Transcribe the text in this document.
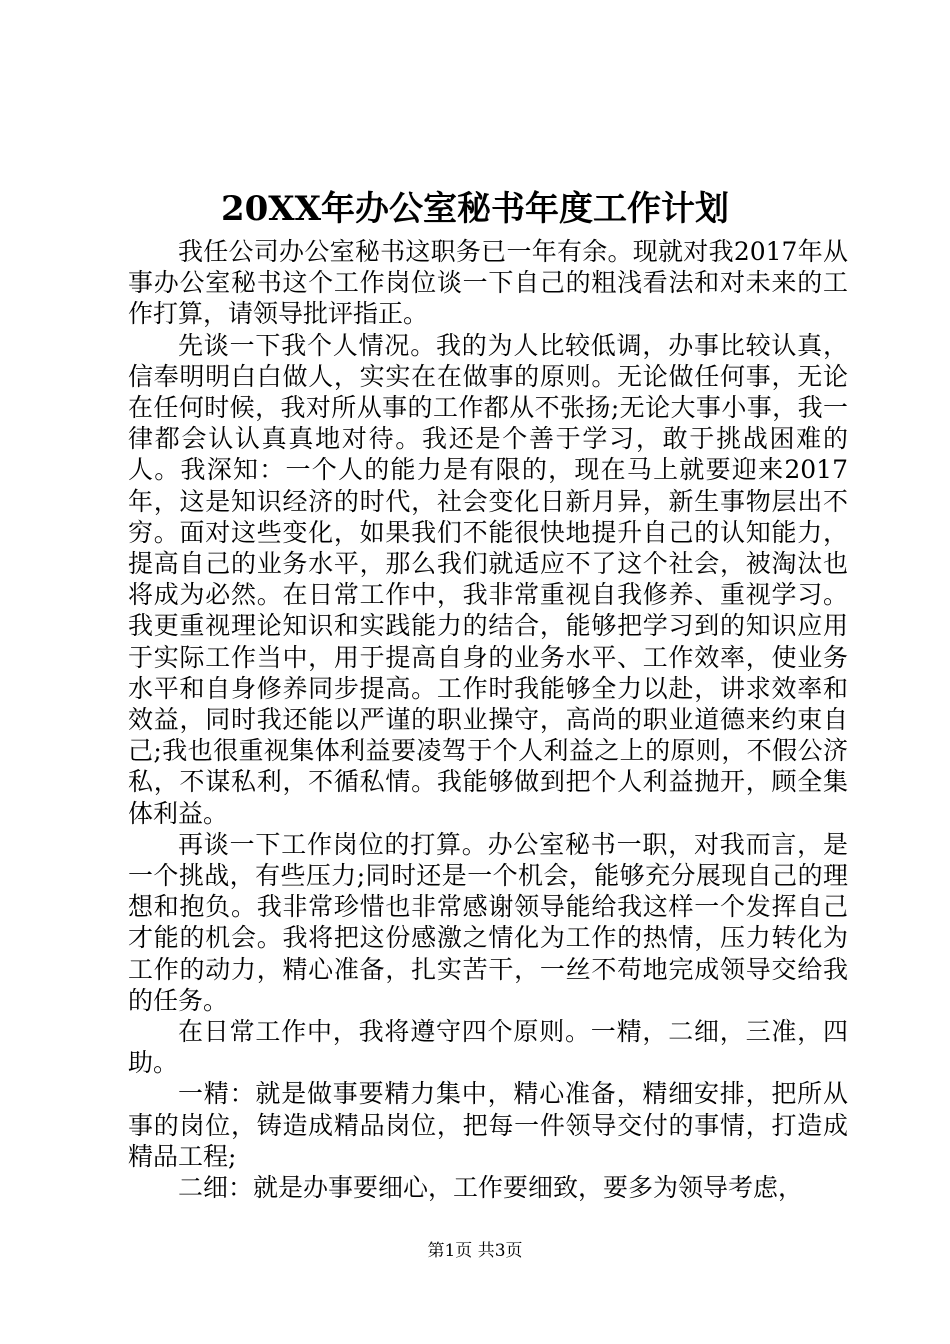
20XX年办公室秘书年度工作计划

我任公司办公室秘书这职务已一年有余。现就对我2017年从事办公室秘书这个工作岗位谈一下自己的粗浅看法和对未来的工作打算，请领导批评指正。

先谈一下我个人情况。我的为人比较低调，办事比较认真，信奉明明白白做人，实实在在做事的原则。无论做任何事，无论在任何时候，我对所从事的工作都从不张扬;无论大事小事，我一律都会认认真真地对待。我还是个善于学习，敢于挑战困难的人。我深知：一个人的能力是有限的，现在马上就要迎来2017年，这是知识经济的时代，社会变化日新月异，新生事物层出不穷。面对这些变化，如果我们不能很快地提升自己的认知能力，提高自己的业务水平，那么我们就适应不了这个社会，被淘汰也将成为必然。在日常工作中，我非常重视自我修养、重视学习。我更重视理论知识和实践能力的结合，能够把学习到的知识应用于实际工作当中，用于提高自身的业务水平、工作效率，使业务水平和自身修养同步提高。工作时我能够全力以赴，讲求效率和效益，同时我还能以严谨的职业操守，高尚的职业道德来约束自己;我也很重视集体利益要凌驾于个人利益之上的原则，不假公济私，不谋私利，不循私情。我能够做到把个人利益抛开，顾全集体利益。

再谈一下工作岗位的打算。办公室秘书一职，对我而言，是一个挑战，有些压力;同时还是一个机会，能够充分展现自己的理想和抱负。我非常珍惜也非常感谢领导能给我这样一个发挥自己才能的机会。我将把这份感激之情化为工作的热情，压力转化为工作的动力，精心准备，扎实苦干，一丝不苟地完成领导交给我的任务。

在日常工作中，我将遵守四个原则。一精，二细，三准，四助。

一精：就是做事要精力集中，精心准备，精细安排，把所从事的岗位，铸造成精品岗位，把每一件领导交付的事情，打造成精品工程;

二细：就是办事要细心，工作要细致，要多为领导考虑，

第1页 共3页
